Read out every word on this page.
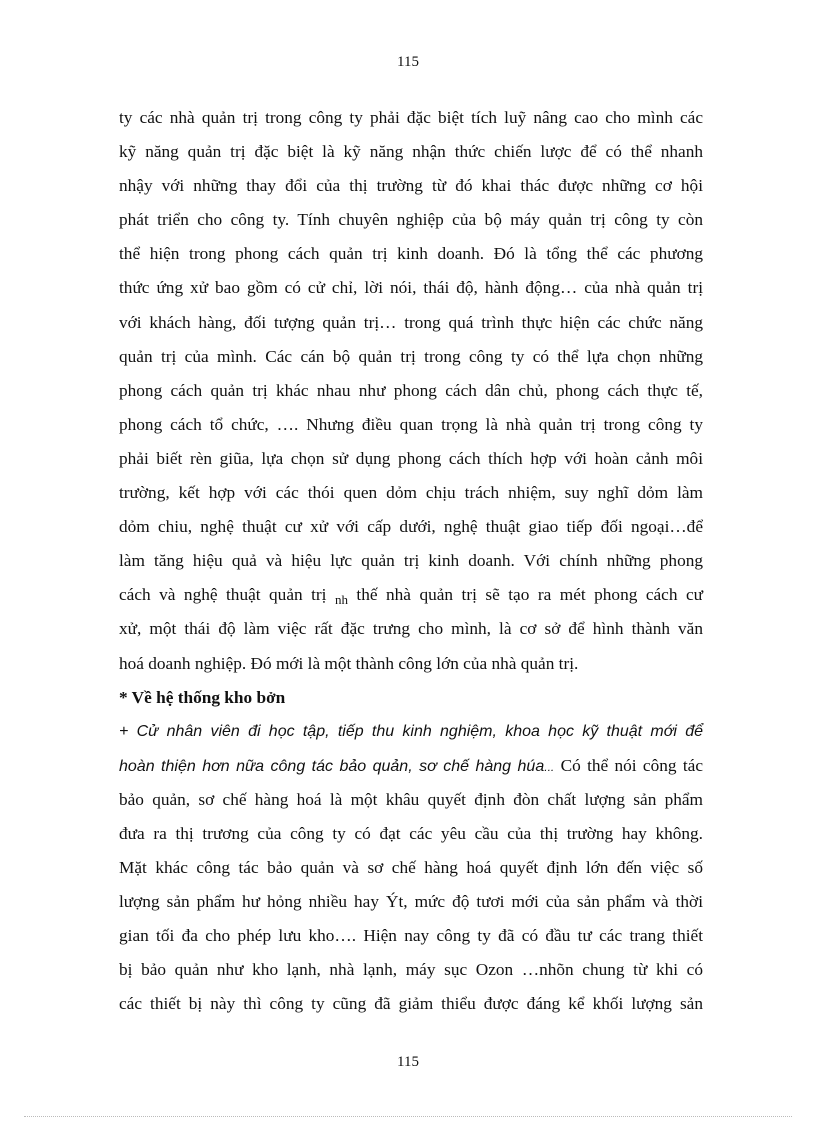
115
ty các nhà quản trị trong công ty phải đặc biệt tích luỹ nâng cao cho mình các
kỹ năng quản trị đặc biệt là kỹ năng nhận thức chiến lược để có thể nhanh
nhậy với những thay đổi của thị trường từ đó khai thác được những cơ hội
phát triển cho công ty. Tính chuyên nghiệp của bộ máy quản trị công ty còn
thể hiện trong phong cách quản trị kinh doanh. Đó là tổng thể các phương
thức ứng xử bao gồm có cử chỉ, lời nói, thái độ, hành động… của nhà quản trị
với khách hàng, đối tượng quản trị… trong quá trình thực hiện các chức năng
quản trị của mình. Các cán bộ quản trị trong công ty có thể lựa chọn những
phong cách quản trị khác nhau như phong cách dân chủ, phong cách thực tế,
phong cách tổ chức, …. Nhưng điều quan trọng là nhà quản trị trong công ty
phải biết rèn giũa, lựa chọn sử dụng phong cách thích hợp với hoàn cảnh môi
trường, kết hợp với các thói quen dỏm chịu trách nhiệm, suy nghĩ dỏm làm
dỏm chiu, nghệ thuật cư xử với cấp dưới, nghệ thuật giao tiếp đối ngoại…để
làm tăng hiệu quả và hiệu lực quản trị kinh doanh. Với chính những phong
cách và nghệ thuật quản trị $_{nh}$ thế nhà quản trị sẽ tạo ra mét phong cách cư
xử, một thái độ làm việc rất đặc trưng cho mình, là cơ sở để hình thành văn
hoá doanh nghiệp. Đó mới là một thành công lớn của nhà quản trị.
* Về hệ thống kho bởn
+ Cử nhân viên đi học tập, tiếp thu kinh nghiệm, khoa học kỹ thuật mới để
hoàn thiện hơn nữa công tác bảo quản, sơ chế hàng húa... Có thể nói công tác
bảo quản, sơ chế hàng hoá là một khâu quyết định đòn chất lượng sản phẩm
đưa ra thị trương của công ty có đạt các yêu cầu của thị trường hay không.
Mặt khác công tác bảo quản và sơ chế hàng hoá quyết định lớn đến việc số
lượng sản phẩm hư hỏng nhiều hay Ýt, mức độ tươi mới của sản phẩm và thời
gian tối đa cho phép lưu kho…. Hiện nay công ty đã có đầu tư các trang thiết
bị bảo quản như kho lạnh, nhà lạnh, máy sục Ozon …nhõn chung từ khi có
các thiết bị này thì công ty cũng đã giảm thiểu được đáng kể khối lượng sản
115
